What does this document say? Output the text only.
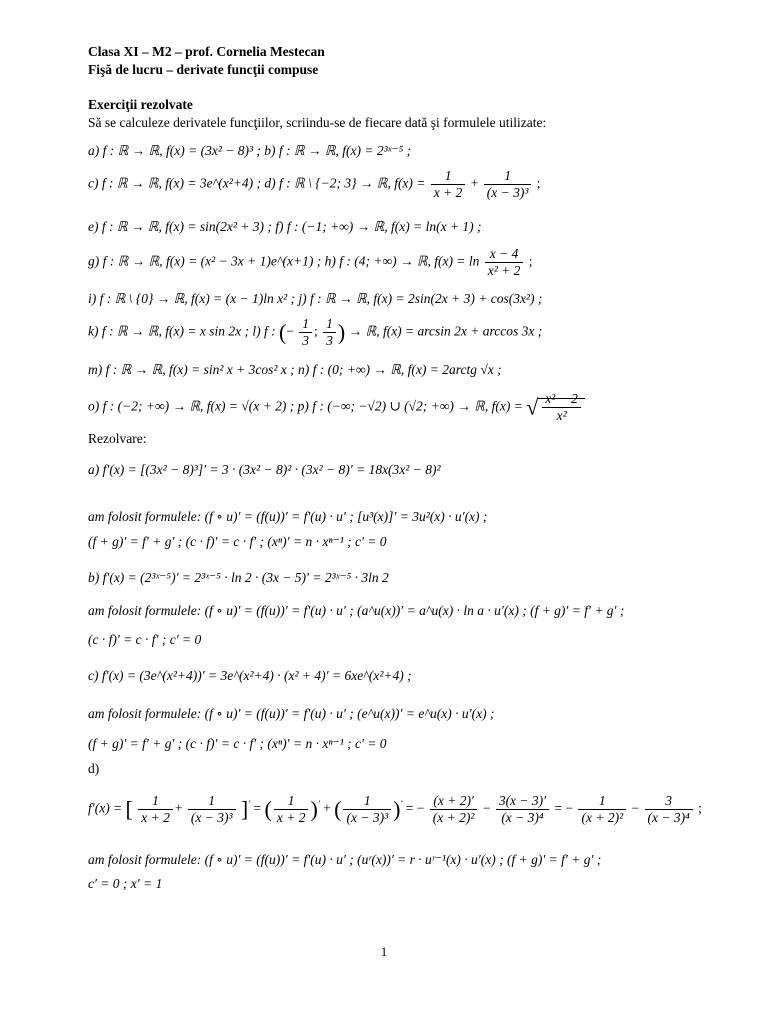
Clasa XI – M2 – prof. Cornelia Mestecan
Fişă de lucru – derivate funcţii compuse
Exerciţii rezolvate
Să se calculeze derivatele funcţiilor, scriindu-se de fiecare dată şi formulele utilizate:
a) f : ℝ → ℝ, f(x) = (3x² − 8)³ ; b) f : ℝ → ℝ, f(x) = 2³ˣ⁻⁵ ;
c) f : ℝ → ℝ, f(x) = 3e^(x²+4) ; d) f : ℝ \ {−2; 3} → ℝ, $f(x) = \frac{1}{x + 2} + \frac{1}{\text{(x − 3)³}}$ ;
e) f : ℝ → ℝ, f(x) = sin(2x² + 3) ; f) f : (−1; +∞) → ℝ, f(x) = ln(x + 1) ;
g) f : ℝ → ℝ, f(x) = (x² − 3x + 1)e^(x+1) ; h) f : (4; +∞) → ℝ, $f(x) = \ln \frac{x - 4}{\text{x² + 2}}$ ;
i) f : ℝ \ {0} → ℝ, f(x) = (x − 1)ln x² ; j) f : ℝ → ℝ, f(x) = 2sin(2x + 3) + cos(3x²) ;
k) f : ℝ → ℝ, f(x) = x sin 2x ; l) f : (− $\frac{1}{3}$ ; $\frac{1}{3}$ ) → ℝ, f(x) = arcsin 2x + arccos 3x ;
m) f : ℝ → ℝ, f(x) = sin² x + 3cos² x ; n) f : (0; +∞) → ℝ, f(x) = 2arctg √x ;
o) f : (−2; +∞) → ℝ, f(x) = √(x + 2) ; p) f : (−∞; −√2) ∪ (√2; +∞) → ℝ, f(x) = √ $\frac{\text{x² − 2}}{\text{x²}}$
Rezolvare:
a) f′(x) = [(3x² − 8)³]′ = 3 · (3x² − 8)² · (3x² − 8)′ = 18x(3x² − 8)²
am folosit formulele: (f ∘ u)′ = (f(u))′ = f′(u) · u′ ; [u³(x)]′ = 3u²(x) · u′(x) ;
(f + g)′ = f′ + g′ ; (c · f)′ = c · f′ ; (xⁿ)′ = n · xⁿ⁻¹ ; c′ = 0
b) f′(x) = (2³ˣ⁻⁵)′ = 2³ˣ⁻⁵ · ln 2 · (3x − 5)′ = 2³ˣ⁻⁵ · 3ln 2
am folosit formulele: (f ∘ u)′ = (f(u))′ = f′(u) · u′ ; (a^u(x))′ = a^u(x) · ln a · u′(x) ; (f + g)′ = f′ + g′ ;
(c · f)′ = c · f′ ; c′ = 0
c) f′(x) = (3e^(x²+4))′ = 3e^(x²+4) · (x² + 4)′ = 6xe^(x²+4) ;
am folosit formulele: (f ∘ u)′ = (f(u))′ = f′(u) · u′ ; (e^u(x))′ = e^u(x) · u′(x) ;
(f + g)′ = f′ + g′ ; (c · f)′ = c · f′ ; (xⁿ)′ = n · xⁿ⁻¹ ; c′ = 0
d)
f′(x) = [ $\frac{1}{x + 2} + \frac{1}{\text{(x − 3)³}} ]'$ = ( $\frac{1}{x + 2} )'$ + ( $\frac{1}{\text{(x − 3)³}} )'$ = − $\frac{(x + 2)'}{\text{(x + 2)²}} - \frac{3(x - 3)'}{\text{(x − 3)⁴}}$ = − $\frac{1}{\text{(x + 2)²}} - \frac{3}{\text{(x − 3)⁴}}$ ;
am folosit formulele: (f ∘ u)′ = (f(u))′ = f′(u) · u′ ; (uʳ(x))′ = r · uʳ⁻¹(x) · u′(x) ; (f + g)′ = f′ + g′ ;
c′ = 0 ; x′ = 1
1
